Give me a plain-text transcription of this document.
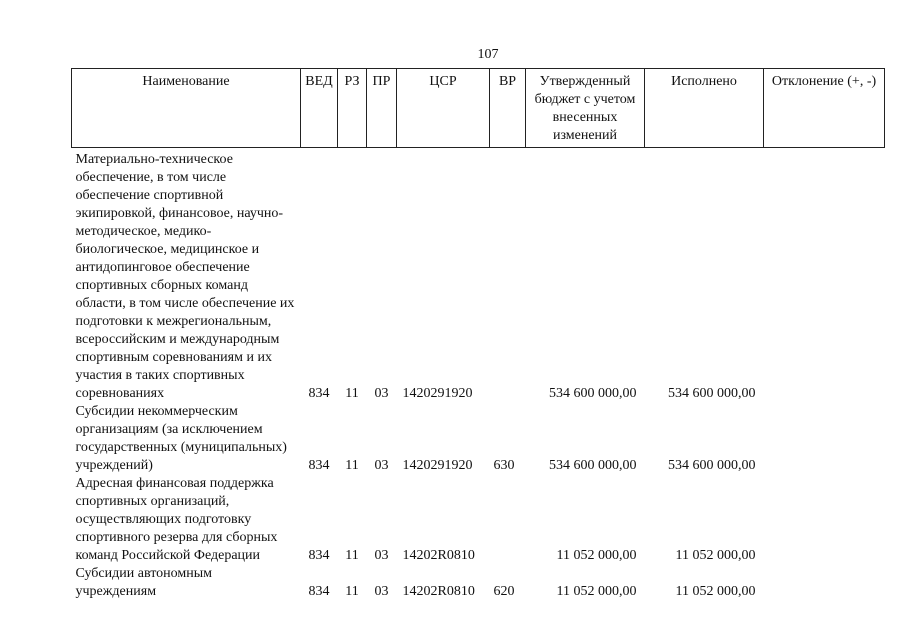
107
Наименование	ВЕД	РЗ	ПР	ЦСР	ВР	Утвержденный бюджет с учетом внесенных изменений	Исполнено	Отклонение (+, -)
Материально-техническое обеспечение, в том числе обеспечение спортивной экипировкой, финансовое, научно-методическое, медико-биологическое, медицинское и антидопинговое обеспечение спортивных сборных команд области, в том числе обеспечение их подготовки к межрегиональным, всероссийским и международным спортивным соревнованиям и их участия в таких спортивных соревнованиях	834	11	03	1420291920		534 600 000,00	534 600 000,00	
Субсидии некоммерческим организациям (за исключением государственных (муниципальных) учреждений)	834	11	03	1420291920	630	534 600 000,00	534 600 000,00	
Адресная финансовая поддержка спортивных организаций, осуществляющих подготовку спортивного резерва для сборных команд Российской Федерации	834	11	03	14202R0810		11 052 000,00	11 052 000,00	
Субсидии автономным учреждениям	834	11	03	14202R0810	620	11 052 000,00	11 052 000,00	
